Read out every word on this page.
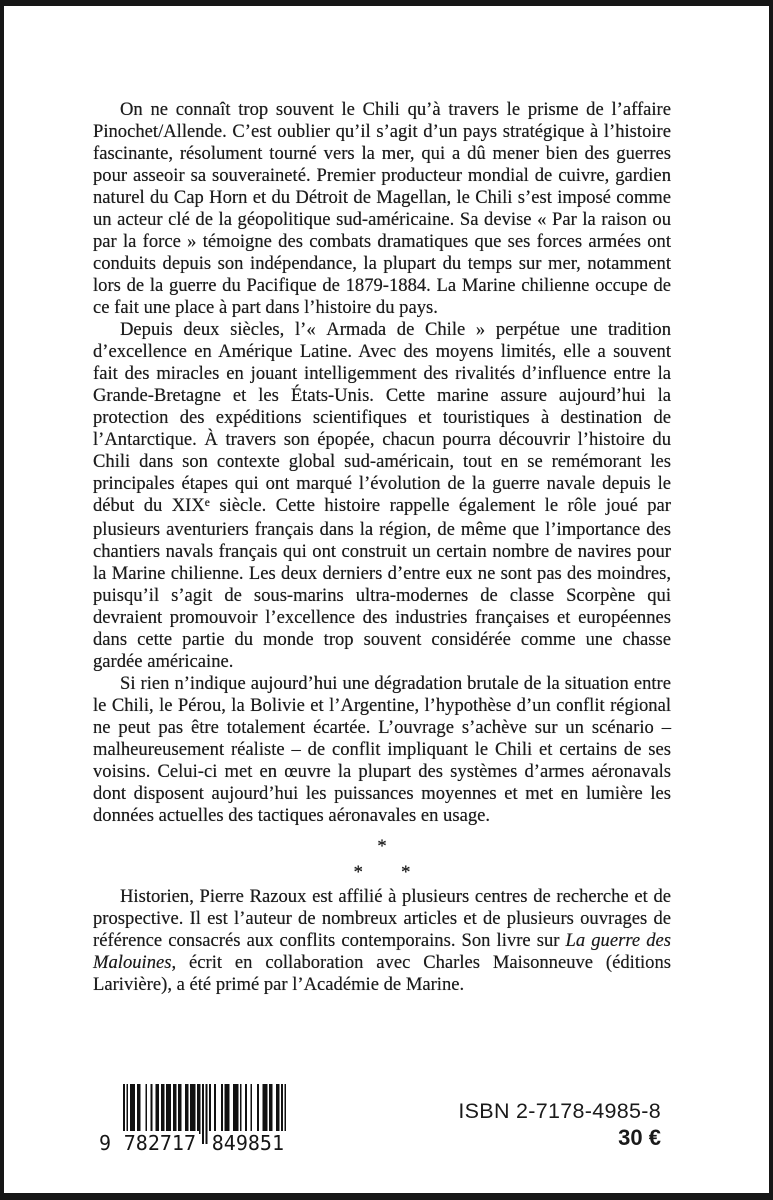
On ne connaît trop souvent le Chili qu’à travers le prisme de l’affaire Pinochet/Allende. C’est oublier qu’il s’agit d’un pays stratégique à l’histoire fascinante, résolument tourné vers la mer, qui a dû mener bien des guerres pour asseoir sa souveraineté. Premier producteur mondial de cuivre, gardien naturel du Cap Horn et du Détroit de Magellan, le Chili s’est imposé comme un acteur clé de la géopolitique sud-américaine. Sa devise « Par la raison ou par la force » témoigne des combats dramatiques que ses forces armées ont conduits depuis son indépendance, la plupart du temps sur mer, notamment lors de la guerre du Pacifique de 1879-1884. La Marine chilienne occupe de ce fait une place à part dans l’histoire du pays.

Depuis deux siècles, l’« Armada de Chile » perpétue une tradition d’excellence en Amérique Latine. Avec des moyens limités, elle a souvent fait des miracles en jouant intelligemment des rivalités d’influence entre la Grande-Bretagne et les États-Unis. Cette marine assure aujourd’hui la protection des expéditions scientifiques et touristiques à destination de l’Antarctique. À travers son épopée, chacun pourra découvrir l’histoire du Chili dans son contexte global sud-américain, tout en se remémorant les principales étapes qui ont marqué l’évolution de la guerre navale depuis le début du XIXe siècle. Cette histoire rappelle également le rôle joué par plusieurs aventuriers français dans la région, de même que l’importance des chantiers navals français qui ont construit un certain nombre de navires pour la Marine chilienne. Les deux derniers d’entre eux ne sont pas des moindres, puisqu’il s’agit de sous-marins ultra-modernes de classe Scorpène qui devraient promouvoir l’excellence des industries françaises et européennes dans cette partie du monde trop souvent considérée comme une chasse gardée américaine.

Si rien n’indique aujourd’hui une dégradation brutale de la situation entre le Chili, le Pérou, la Bolivie et l’Argentine, l’hypothèse d’un conflit régional ne peut pas être totalement écartée. L’ouvrage s’achève sur un scénario – malheureusement réaliste – de conflit impliquant le Chili et certains de ses voisins. Celui-ci met en œuvre la plupart des systèmes d’armes aéronavals dont disposent aujourd’hui les puissances moyennes et met en lumière les données actuelles des tactiques aéronavales en usage.

*
* *

Historien, Pierre Razoux est affilié à plusieurs centres de recherche et de prospective. Il est l’auteur de nombreux articles et de plusieurs ouvrages de référence consacrés aux conflits contemporains. Son livre sur La guerre des Malouines, écrit en collaboration avec Charles Maisonneuve (éditions Larivière), a été primé par l’Académie de Marine.

9 782717 849851
ISBN 2-7178-4985-8
30 €
